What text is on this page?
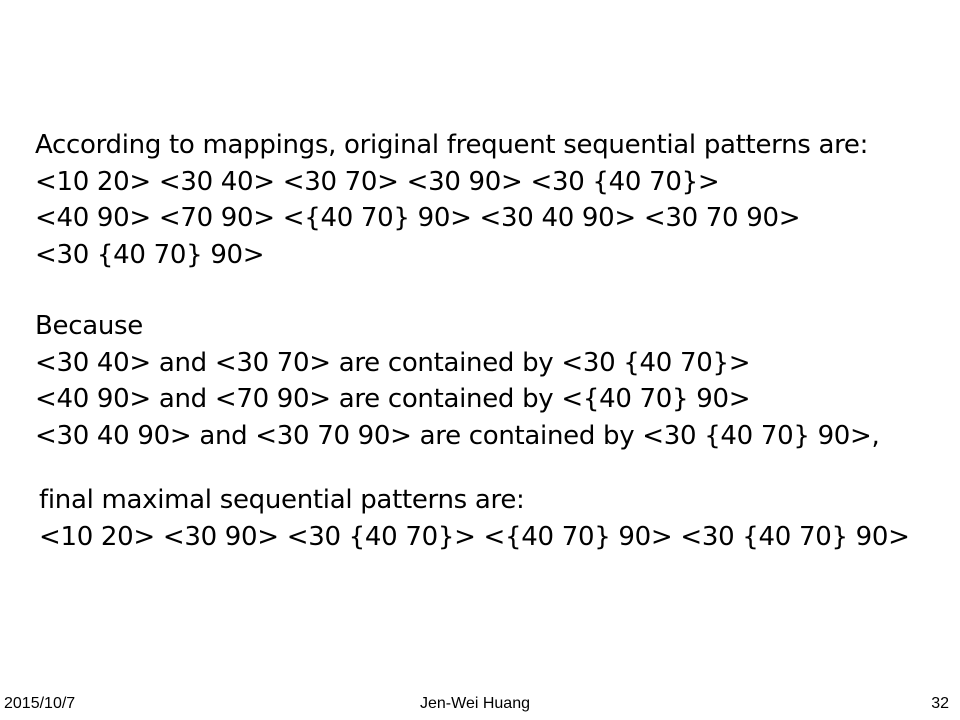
According to mappings, original frequent sequential patterns are:
<10 20> <30 40> <30 70> <30 90> <30 {40 70}>
<40 90> <70 90> <{40 70} 90> <30 40 90> <30 70 90>
<30 {40 70} 90>
Because
<30 40> and <30 70> are contained by <30 {40 70}>
<40 90> and <70 90> are contained by <{40 70} 90>
<30 40 90> and <30 70 90> are contained by <30 {40 70} 90>,
final maximal sequential patterns are:
<10 20> <30 90> <30 {40 70}> <{40 70} 90> <30 {40 70} 90>
2015/10/7	Jen-Wei Huang	32
